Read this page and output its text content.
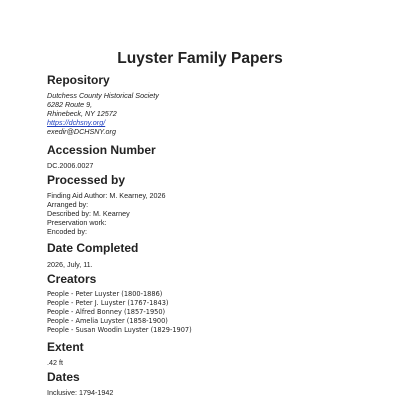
Luyster Family Papers
Repository
Dutchess County Historical Society
6282 Route 9,
Rhinebeck, NY 12572
https://dchsny.org/
exedir@DCHSNY.org
Accession Number
DC.2006.0027
Processed by
Finding Aid Author: M. Kearney, 2026
Arranged by:
Described by: M. Kearney
Preservation work:
Encoded by:
Date Completed
2026, July, 11.
Creators
People - Peter Luyster (1800-1886)
People - Peter J. Luyster (1767-1843)
People - Alfred Bonney (1857-1950)
People - Amelia Luyster (1858-1900)
People - Susan Woodin Luyster (1829-1907)
Extent
.42 ft
Dates
Inclusive: 1794-1942
